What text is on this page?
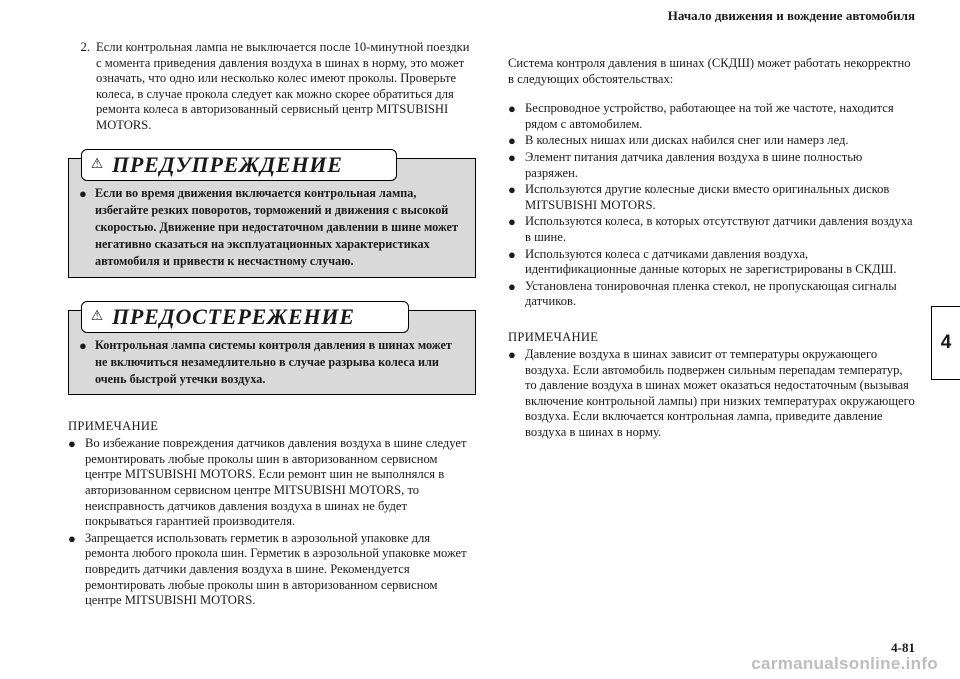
Начало движения и вождение автомобиля
4
2. Если контрольная лампа не выключается после 10-минутной поездки с момента приведения давления воздуха в шинах в норму, это может означать, что одно или несколько колес имеют проколы. Проверьте колеса, в случае прокола следует как можно скорее обратиться для ремонта колеса в авторизованный сервисный центр MITSUBISHI MOTORS.
⚠ ПРЕДУПРЕЖДЕНИЕ
● Если во время движения включается контрольная лампа, избегайте резких поворотов, торможений и движения с высокой скоростью. Движение при недостаточном давлении в шине может негативно сказаться на эксплуатационных характеристиках автомобиля и привести к несчастному случаю.
⚠ ПРЕДОСТЕРЕЖЕНИЕ
● Контрольная лампа системы контроля давления в шинах может не включиться незамедлительно в случае разрыва колеса или очень быстрой утечки воздуха.
ПРИМЕЧАНИЕ
● Во избежание повреждения датчиков давления воздуха в шине следует ремонтировать любые проколы шин в авторизованном сервисном центре MITSUBISHI MOTORS. Если ремонт шин не выполнялся в авторизованном сервисном центре MITSUBISHI MOTORS, то неисправность датчиков давления воздуха в шинах не будет покрываться гарантией производителя.
● Запрещается использовать герметик в аэрозольной упаковке для ремонта любого прокола шин. Герметик в аэрозольной упаковке может повредить датчики давления воздуха в шине. Рекомендуется ремонтировать любые проколы шин в авторизованном сервисном центре MITSUBISHI MOTORS.
Система контроля давления в шинах (СКДШ) может работать некорректно в следующих обстоятельствах:
● Беспроводное устройство, работающее на той же частоте, находится рядом с автомобилем.
● В колесных нишах или дисках набился снег или намерз лед.
● Элемент питания датчика давления воздуха в шине полностью разряжен.
● Используются другие колесные диски вместо оригинальных дисков MITSUBISHI MOTORS.
● Используются колеса, в которых отсутствуют датчики давления воздуха в шине.
● Используются колеса с датчиками давления воздуха, идентификационные данные которых не зарегистрированы в СКДШ.
● Установлена тонировочная пленка стекол, не пропускающая сигналы датчиков.
ПРИМЕЧАНИЕ
● Давление воздуха в шинах зависит от температуры окружающего воздуха. Если автомобиль подвержен сильным перепадам температур, то давление воздуха в шинах может оказаться недостаточным (вызывая включение контрольной лампы) при низких температурах окружающего воздуха. Если включается контрольная лампа, приведите давление воздуха в шинах в норму.
4-81
carmanualsonline.info
